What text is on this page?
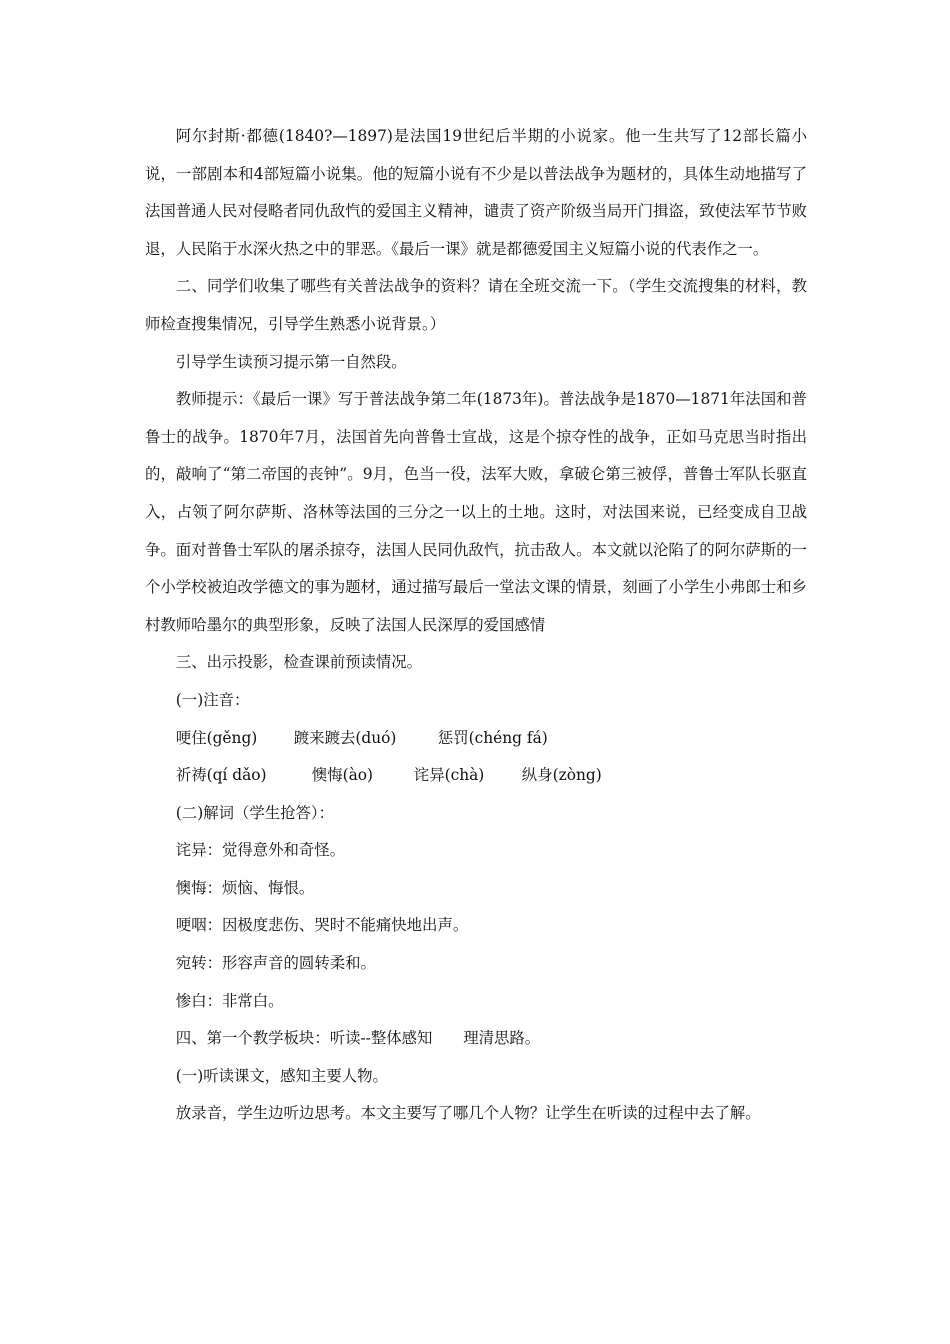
阿尔封斯·都德(1840?—1897)是法国19世纪后半期的小说家。他一生共写了12部长篇小说，一部剧本和4部短篇小说集。他的短篇小说有不少是以普法战争为题材的，具体生动地描写了法国普通人民对侵略者同仇敌忾的爱国主义精神，谴责了资产阶级当局开门揖盗，致使法军节节败退，人民陷于水深火热之中的罪恶。《最后一课》就是都德爱国主义短篇小说的代表作之一。

二、同学们收集了哪些有关普法战争的资料？请在全班交流一下。（学生交流搜集的材料，教师检查搜集情况，引导学生熟悉小说背景。）

引导学生读预习提示第一自然段。

教师提示：《最后一课》写于普法战争第二年(1873年)。普法战争是1870—1871年法国和普鲁士的战争。1870年7月，法国首先向普鲁士宣战，这是个掠夺性的战争，正如马克思当时指出的，敲响了“第二帝国的丧钟”。9月，色当一役，法军大败，拿破仑第三被俘，普鲁士军队长驱直入，占领了阿尔萨斯、洛林等法国的三分之一以上的土地。这时，对法国来说，已经变成自卫战争。面对普鲁士军队的屠杀掠夺，法国人民同仇敌忾，抗击敌人。本文就以沦陷了的阿尔萨斯的一个小学校被迫改学德文的事为题材，通过描写最后一堂法文课的情景，刻画了小学生小弗郎士和乡村教师哈墨尔的典型形象，反映了法国人民深厚的爱国感情

三、出示投影，检查课前预读情况。

(一)注音：

哽住(gěng) 踱来踱去(duó)	惩罚(chéng fá)
祈祷(qí dǎo)	懊悔(ào)	诧异(chà) 纵身(zòng)

(二)解词（学生抢答）：

诧异：觉得意外和奇怪。

懊悔：烦恼、悔恨。

哽咽：因极度悲伤、哭时不能痛快地出声。

宛转：形容声音的圆转柔和。

惨白：非常白。

四、第一个教学板块：听读--整体感知　　理清思路。

(一)听读课文，感知主要人物。

放录音，学生边听边思考。本文主要写了哪几个人物？让学生在听读的过程中去了解。
